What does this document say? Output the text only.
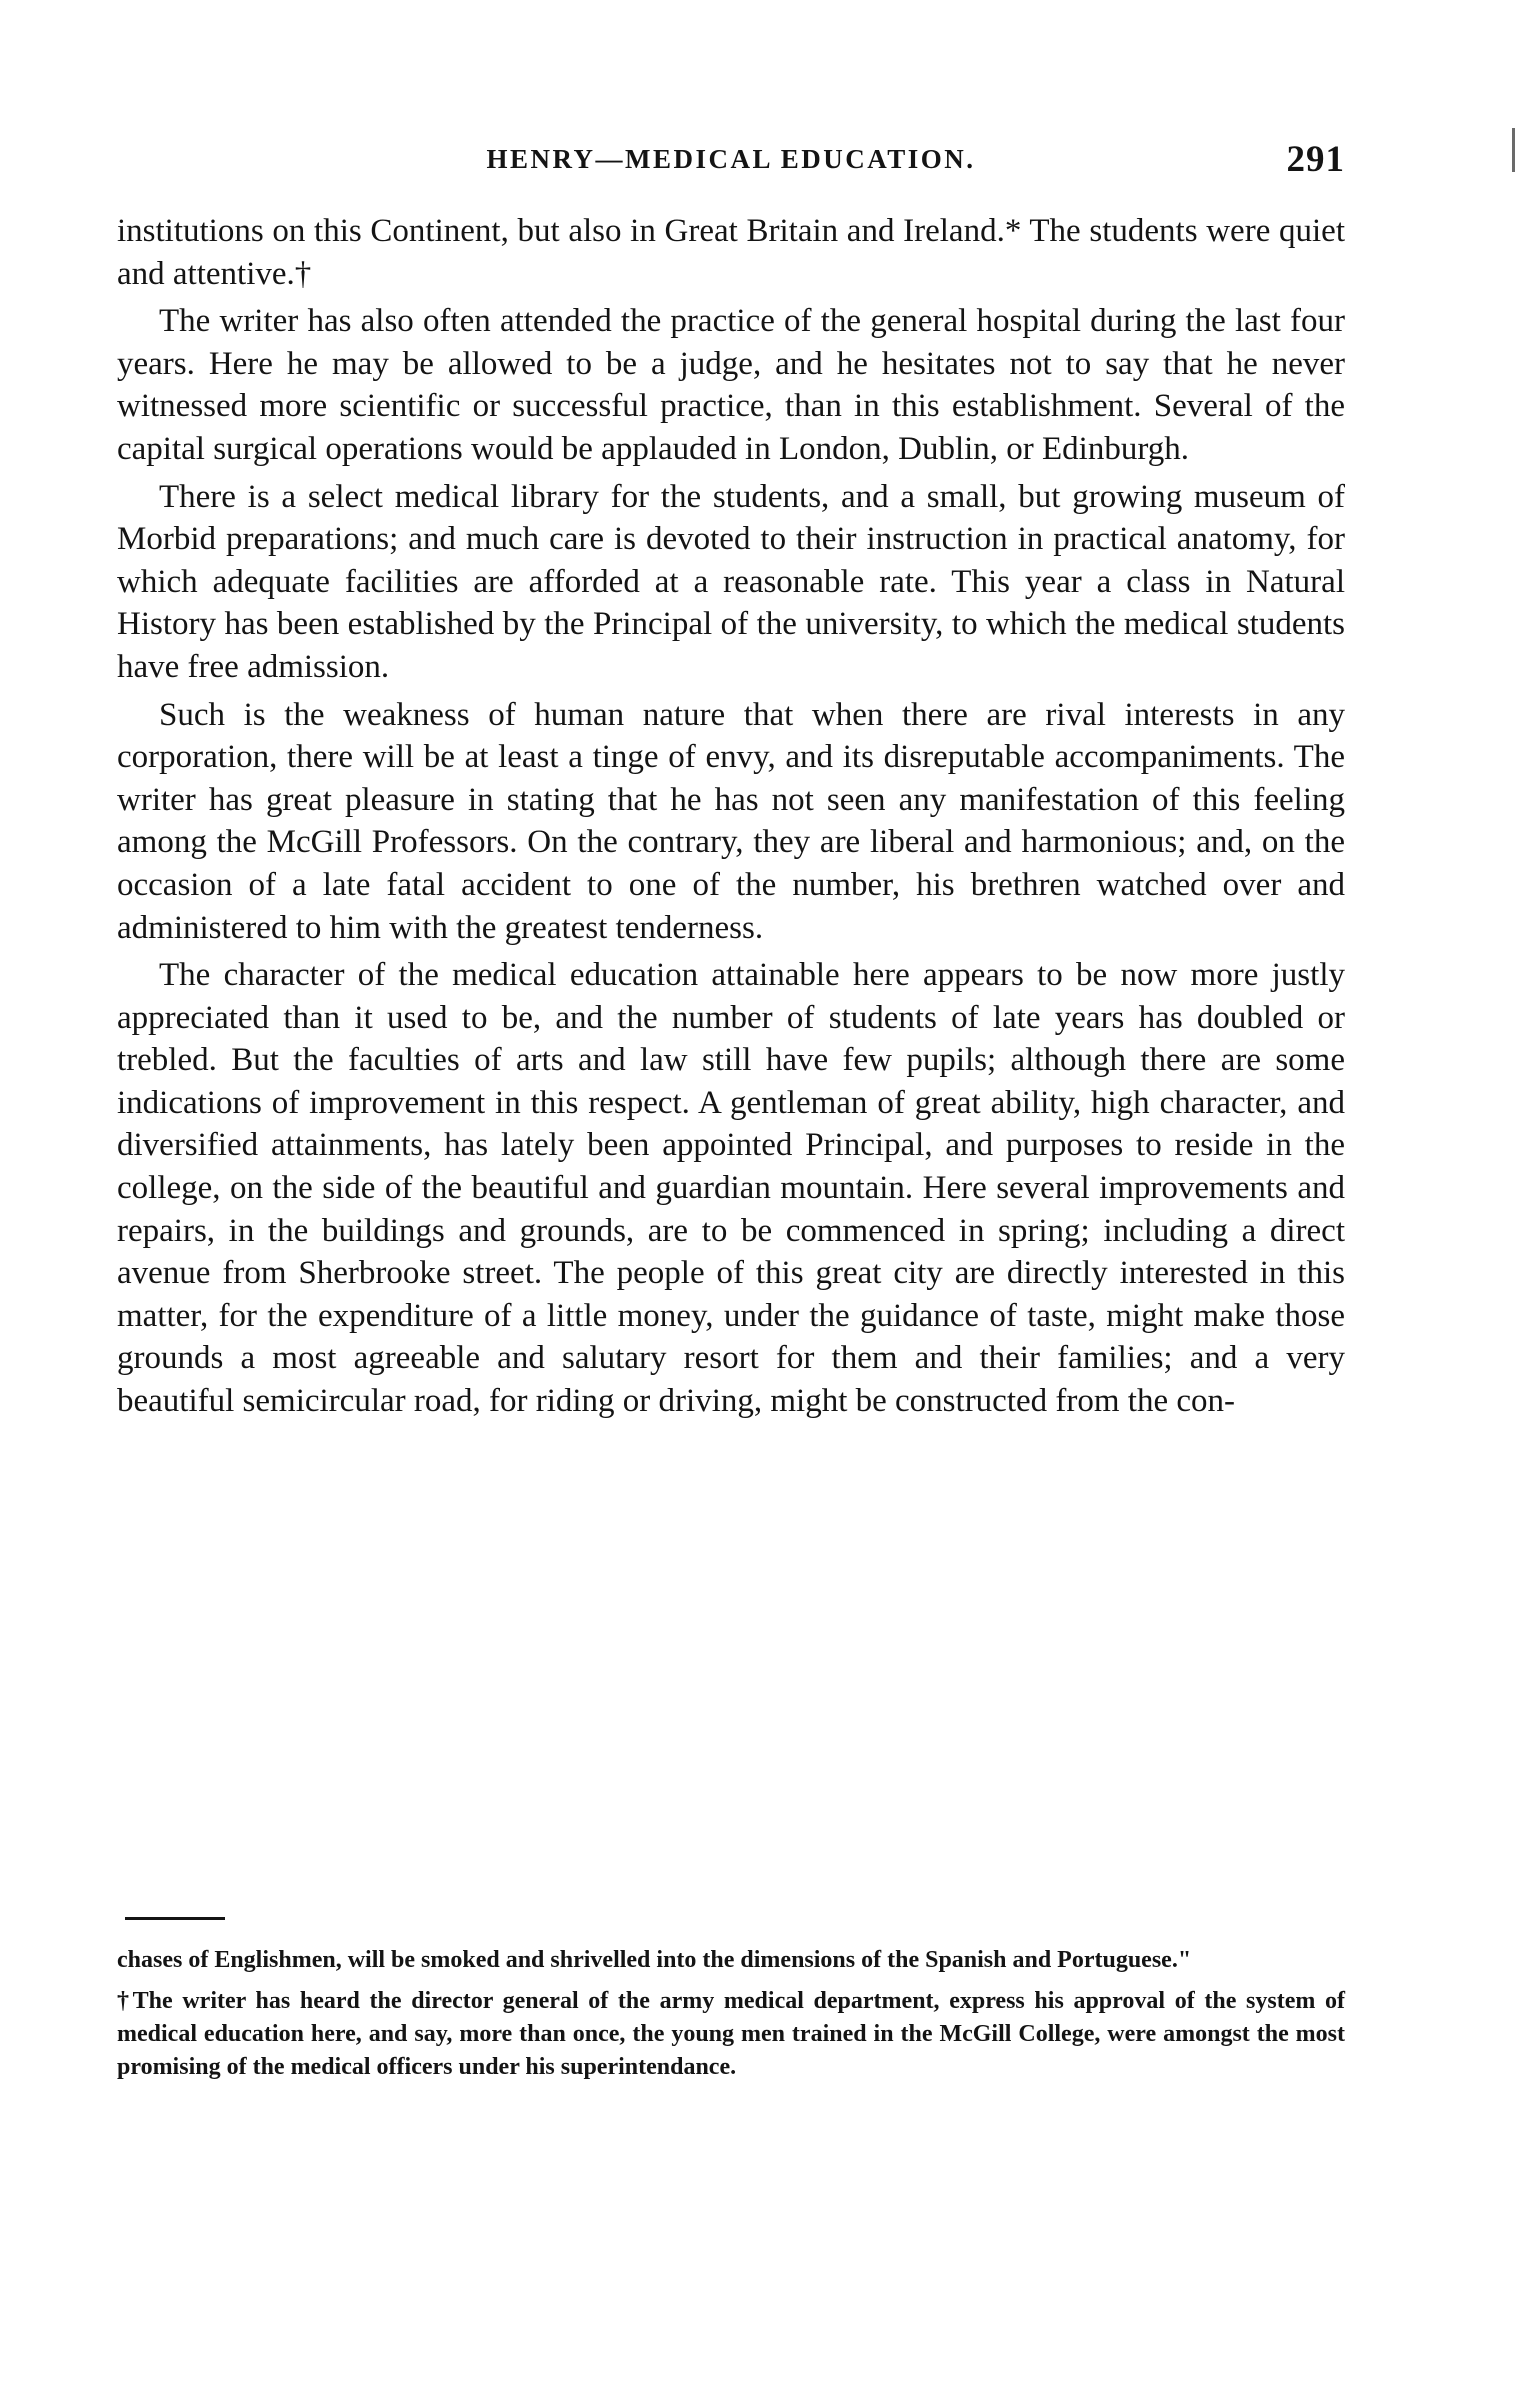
HENRY—MEDICAL EDUCATION.	291

institutions on this Continent, but also in Great Britain and Ireland.* The students were quiet and attentive.†

The writer has also often attended the practice of the general hospital during the last four years. Here he may be allowed to be a judge, and he hesitates not to say that he never witnessed more scientific or successful practice, than in this establishment. Several of the capital surgical operations would be applauded in London, Dublin, or Edinburgh.

There is a select medical library for the students, and a small, but growing museum of Morbid preparations; and much care is devoted to their instruction in practical anatomy, for which adequate facilities are afforded at a reasonable rate. This year a class in Natural History has been established by the Principal of the university, to which the medical students have free admission.

Such is the weakness of human nature that when there are rival interests in any corporation, there will be at least a tinge of envy, and its disreputable accompaniments. The writer has great pleasure in stating that he has not seen any manifestation of this feeling among the McGill Professors. On the contrary, they are liberal and harmonious; and, on the occasion of a late fatal accident to one of the number, his brethren watched over and administered to him with the greatest tenderness.

The character of the medical education attainable here appears to be now more justly appreciated than it used to be, and the number of students of late years has doubled or trebled. But the faculties of arts and law still have few pupils; although there are some indications of improvement in this respect. A gentleman of great ability, high character, and diversified attainments, has lately been appointed Principal, and purposes to reside in the college, on the side of the beautiful and guardian mountain. Here several improvements and repairs, in the buildings and grounds, are to be commenced in spring; including a direct avenue from Sherbrooke street. The people of this great city are directly interested in this matter, for the expenditure of a little money, under the guidance of taste, might make those grounds a most agreeable and salutary resort for them and their families; and a very beautiful semicircular road, for riding or driving, might be constructed from the con-

chases of Englishmen, will be smoked and shrivelled into the dimensions of the Spanish and Portuguese."

†The writer has heard the director general of the army medical department, express his approval of the system of medical education here, and say, more than once, the young men trained in the McGill College, were amongst the most promising of the medical officers under his superintendance.
